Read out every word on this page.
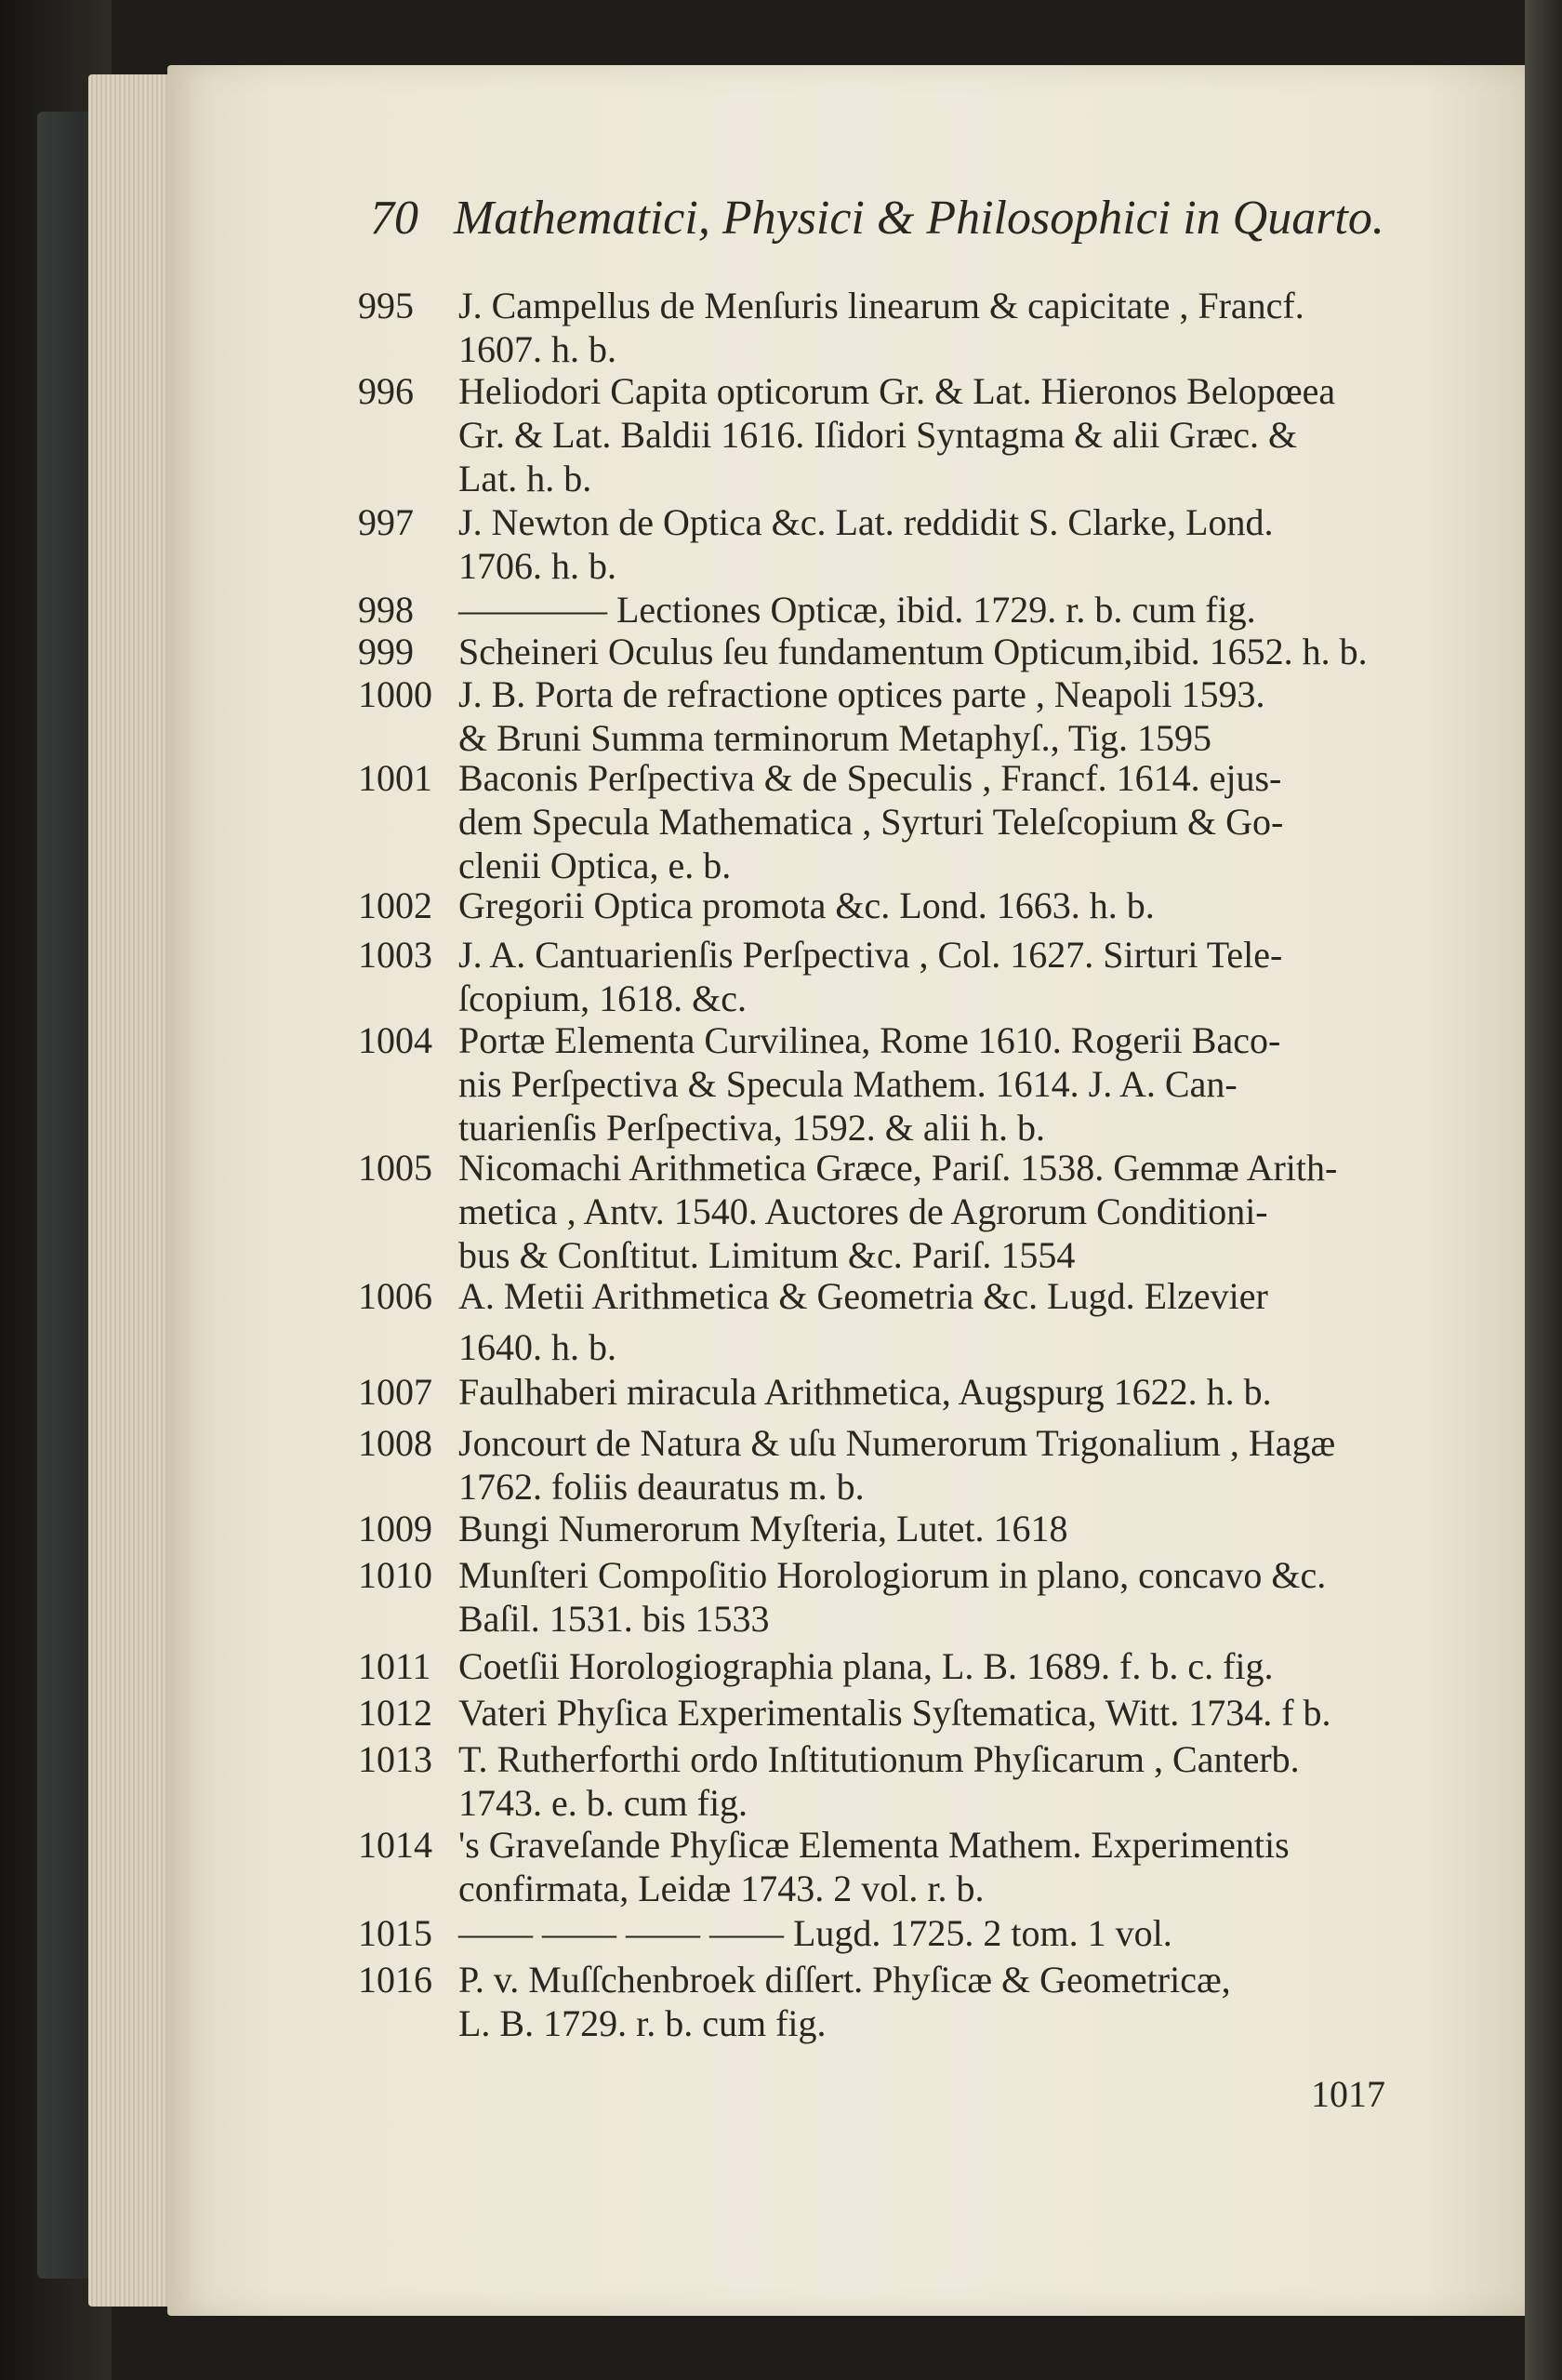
70 Mathematici, Physici & Philosophici in Quarto.
995	J. Campellus de Menſuris linearum & capicitate , Francf.
1607. h. b.
996	Heliodori Capita opticorum Gr. & Lat. Hieronos Belopœea
Gr. & Lat. Baldii 1616. Iſidori Syntagma & alii Græc. &
Lat. h. b.
997	J. Newton de Optica &c. Lat. reddidit S. Clarke, Lond.
1706. h. b.
998	———— Lectiones Opticæ, ibid. 1729. r. b. cum fig.
999	Scheineri Oculus ſeu fundamentum Opticum,ibid. 1652. h. b.
1000 J. B. Porta de refractione optices parte , Neapoli 1593.
& Bruni Summa terminorum Metaphyſ., Tig. 1595
1001 Baconis Perſpectiva & de Speculis , Francf. 1614. ejus-
dem Specula Mathematica , Syrturi Teleſcopium & Go-
clenii Optica, e. b.
1002 Gregorii Optica promota &c. Lond. 1663. h. b.
1003 J. A. Cantuarienſis Perſpectiva , Col. 1627. Sirturi Tele-
ſcopium, 1618. &c.
1004 Portæ Elementa Curvilinea, Rome 1610. Rogerii Baco-
nis Perſpectiva & Specula Mathem. 1614. J. A. Can-
tuarienſis Perſpectiva, 1592. & alii h. b.
1005 Nicomachi Arithmetica Græce, Pariſ. 1538. Gemmæ Arith-
metica , Antv. 1540. Auctores de Agrorum Conditioni-
bus & Conſtitut. Limitum &c. Pariſ. 1554
1006 A. Metii Arithmetica & Geometria &c. Lugd. Elzevier
1640. h. b.
1007 Faulhaberi miracula Arithmetica, Augspurg 1622. h. b.
1008 Joncourt de Natura & uſu Numerorum Trigonalium , Hagæ
1762. foliis deauratus m. b.
1009 Bungi Numerorum Myſteria, Lutet. 1618
1010 Munſteri Compoſitio Horologiorum in plano, concavo &c.
Baſil. 1531. bis 1533
1011 Coetſii Horologiographia plana, L. B. 1689. f. b. c. fig.
1012 Vateri Phyſica Experimentalis Syſtematica, Witt. 1734. f b.
1013 T. Rutherforthi ordo Inſtitutionum Phyſicarum , Canterb.
1743. e. b. cum fig.
1014 's Graveſande Phyſicæ Elementa Mathem. Experimentis
confirmata, Leidæ 1743. 2 vol. r. b.
1015 —— —— —— —— Lugd. 1725. 2 tom. 1 vol.
1016 P. v. Muſſchenbroek diſſert. Phyſicæ & Geometricæ,
L. B. 1729. r. b. cum fig.
1017
